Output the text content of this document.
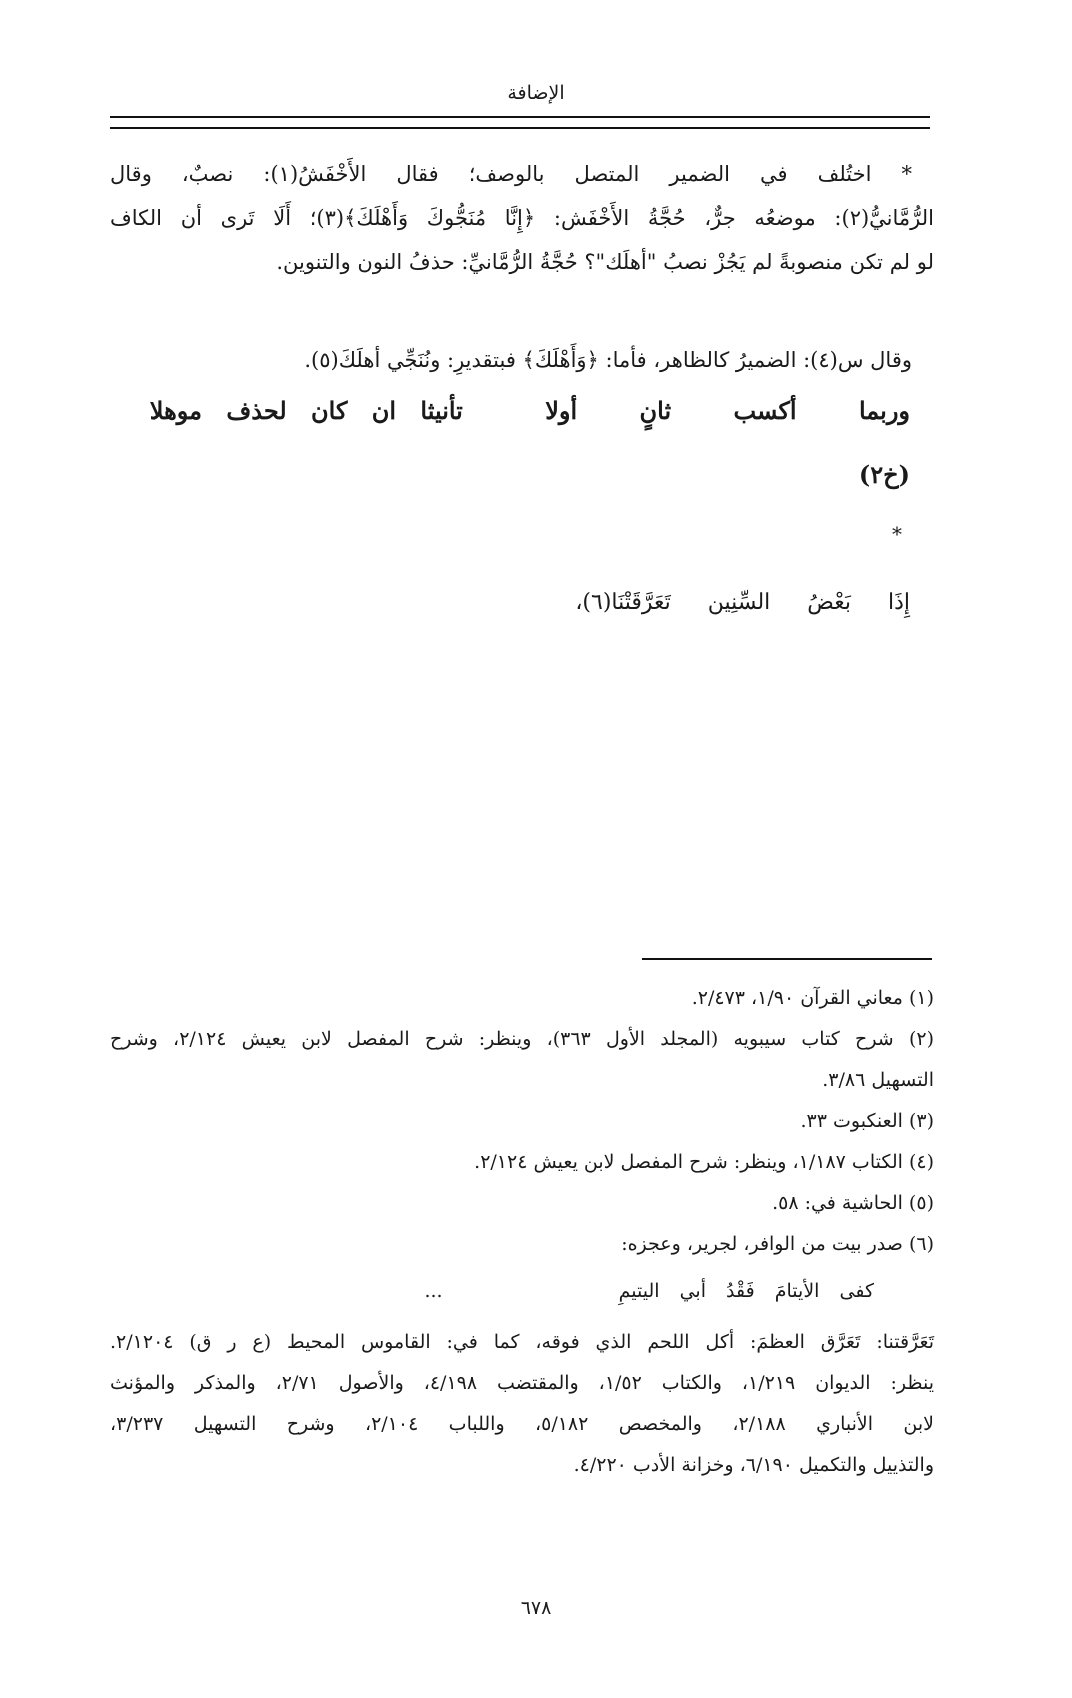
الإضافة
* اختُلف في الضمير المتصل بالوصف؛ فقال الأَخْفَشُ(١): نصبٌ، وقال
الرُّمَّانيُّ(٢): موضعُه جرٌّ، حُجَّةُ الأَخْفَش: ﴿إِنَّا مُنَجُّوكَ وَأَهْلَكَ﴾(٣)؛ أَلَا تَرى أن الكاف
لو لم تكن منصوبةً لم يَجُزْ نصبُ "أهلَك"؟ حُجَّةُ الرُّمَّانيِّ: حذفُ النون والتنوين.
وقال س(٤): الضميرُ كالظاهر، فأما: ﴿وَأَهْلَكَ﴾ فبتقديرِ: ونُنَجِّي أهلَكَ(٥).
وربما أكسب ثانٍ أولا تأنيثا ان كان لحذف موهلا
(خ٢)
*
إِذَا بَعْضُ السِّنِين تَعَرَّقَتْنَا(٦)،
(١) معاني القرآن ١/٩٠، ٢/٤٧٣.
(٢) شرح كتاب سيبويه (المجلد الأول ٣٦٣)، وينظر: شرح المفصل لابن يعيش ٢/١٢٤، وشرح
التسهيل ٣/٨٦.
(٣) العنكبوت ٣٣.
(٤) الكتاب ١/١٨٧، وينظر: شرح المفصل لابن يعيش ٢/١٢٤.
(٥) الحاشية في: ٥٨.
(٦) صدر بيت من الوافر، لجرير، وعجزه:
كفى الأيتامَ فَقْدُ أبي اليتيمِ ...
تَعَرَّقتنا: تَعَرَّق العظمَ: أكل اللحم الذي فوقه، كما في: القاموس المحيط (ع ر ق) ٢/١٢٠٤.
ينظر: الديوان ١/٢١٩، والكتاب ١/٥٢، والمقتضب ٤/١٩٨، والأصول ٢/٧١، والمذكر والمؤنث
لابن الأنباري ٢/١٨٨، والمخصص ٥/١٨٢، واللباب ٢/١٠٤، وشرح التسهيل ٣/٢٣٧،
والتذييل والتكميل ٦/١٩٠، وخزانة الأدب ٤/٢٢٠.
٦٧٨
